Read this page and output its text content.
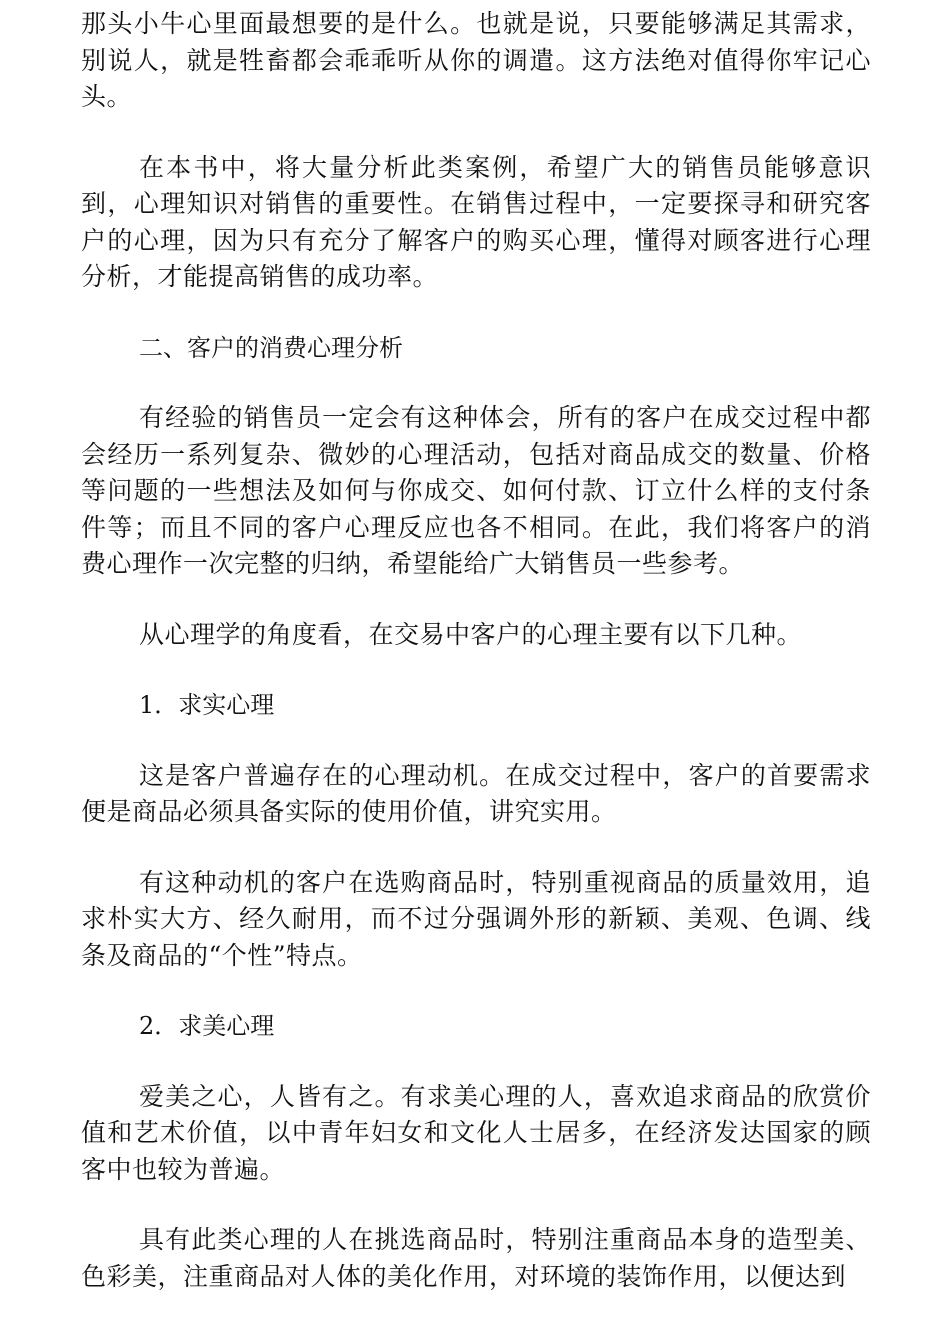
那头小牛心里面最想要的是什么。也就是说，只要能够满足其需求，别说人，就是牲畜都会乖乖听从你的调遣。这方法绝对值得你牢记心头。

在本书中，将大量分析此类案例，希望广大的销售员能够意识到，心理知识对销售的重要性。在销售过程中，一定要探寻和研究客户的心理，因为只有充分了解客户的购买心理，懂得对顾客进行心理分析，才能提高销售的成功率。

二、客户的消费心理分析

有经验的销售员一定会有这种体会，所有的客户在成交过程中都会经历一系列复杂、微妙的心理活动，包括对商品成交的数量、价格等问题的一些想法及如何与你成交、如何付款、订立什么样的支付条件等；而且不同的客户心理反应也各不相同。在此，我们将客户的消费心理作一次完整的归纳，希望能给广大销售员一些参考。

从心理学的角度看，在交易中客户的心理主要有以下几种。

1．求实心理

这是客户普遍存在的心理动机。在成交过程中，客户的首要需求便是商品必须具备实际的使用价值，讲究实用。

有这种动机的客户在选购商品时，特别重视商品的质量效用，追求朴实大方、经久耐用，而不过分强调外形的新颖、美观、色调、线条及商品的“个性”特点。

2．求美心理

爱美之心，人皆有之。有求美心理的人，喜欢追求商品的欣赏价值和艺术价值，以中青年妇女和文化人士居多，在经济发达国家的顾客中也较为普遍。

具有此类心理的人在挑选商品时，特别注重商品本身的造型美、色彩美，注重商品对人体的美化作用，对环境的装饰作用，以便达到
